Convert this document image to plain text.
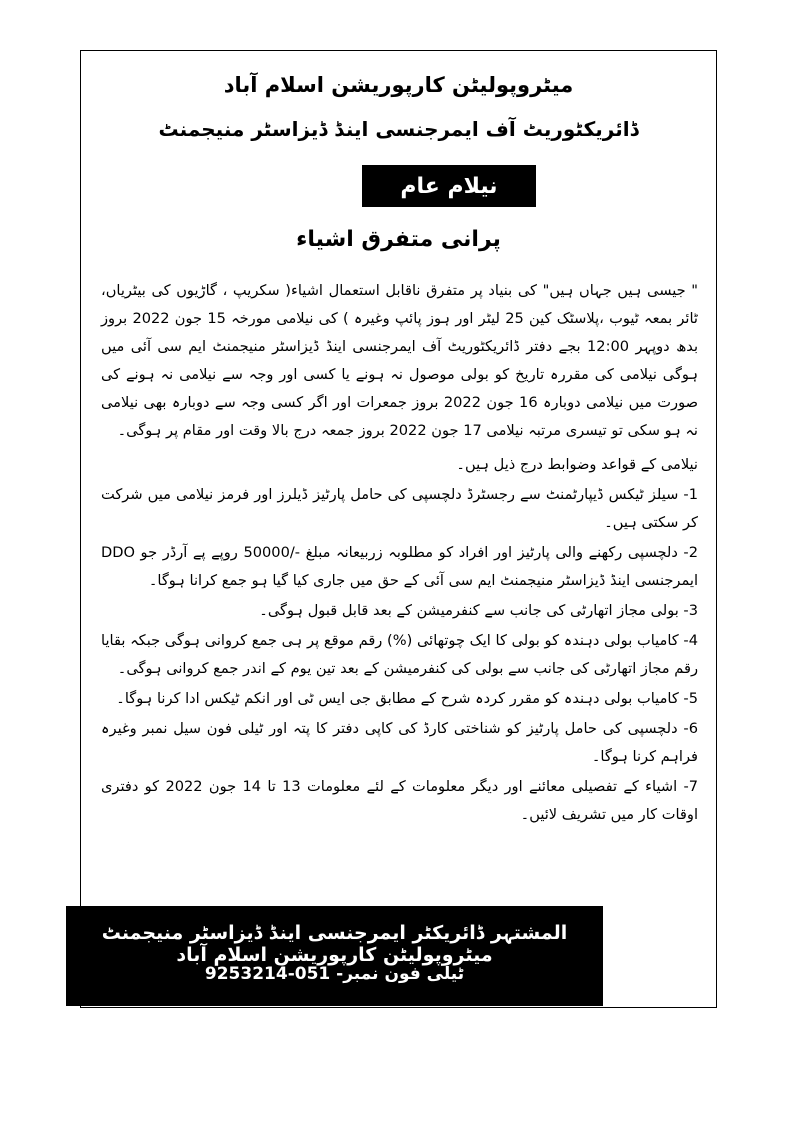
میٹروپولیٹن کارپوریشن اسلام آباد
ڈائریکٹوریٹ آف ایمرجنسی اینڈ ڈیزاسٹر منیجمنٹ
نیلام عام
پرانی متفرق اشیاء

" جیسی ہیں جہاں ہیں" کی بنیاد پر متفرق ناقابل استعمال اشیاء( سکریپ ، گاڑیوں کی بیٹریاں، ٹائر بمعہ ٹیوب ،پلاسٹک کین 25 لیٹر اور ہوز پائپ وغیرہ ) کی نیلامی مورخہ 15 جون 2022 بروز بدھ دوپہر 12:00 بجے دفتر ڈائریکٹوریٹ آف ایمرجنسی اینڈ ڈیزاسٹر منیجمنٹ ایم سی آئی میں ہوگی نیلامی کی مقررہ تاریخ کو بولی موصول نہ ہونے یا کسی اور وجہ سے نیلامی نہ ہونے کی صورت میں نیلامی دوبارہ 16 جون 2022 بروز جمعرات اور اگر کسی وجہ سے دوبارہ بھی نیلامی نہ ہو سکی تو تیسری مرتبہ نیلامی 17 جون 2022 بروز جمعہ درج بالا وقت اور مقام پر ہوگی۔

نیلامی کے قواعد وضوابط درج ذیل ہیں۔

1- سیلز ٹیکس ڈیپارٹمنٹ سے رجسٹرڈ دلچسپی کی حامل پارٹیز ڈیلرز اور فرمز نیلامی میں شرکت کر سکتی ہیں۔

2- دلچسپی رکھنے والی پارٹیز اور افراد کو مطلوبہ زربیعانہ مبلغ -/50000 روپے پے آرڈر جو DDO ایمرجنسی اینڈ ڈیزاسٹر منیجمنٹ ایم سی آئی کے حق میں جاری کیا گیا ہو جمع کرانا ہوگا۔

3- بولی مجاز اتھارٹی کی جانب سے کنفرمیشن کے بعد قابل قبول ہوگی۔

4- کامیاب بولی دہندہ کو بولی کا ایک چوتھائی (%) رقم موقع پر ہی جمع کروانی ہوگی جبکہ بقایا رقم مجاز اتھارٹی کی جانب سے بولی کی کنفرمیشن کے بعد تین یوم کے اندر جمع کروانی ہوگی۔

5- کامیاب بولی دہندہ کو مقرر کردہ شرح کے مطابق جی ایس ٹی اور انکم ٹیکس ادا کرنا ہوگا۔

6- دلچسپی کی حامل پارٹیز کو شناختی کارڈ کی کاپی دفتر کا پتہ اور ٹیلی فون سیل نمبر وغیرہ فراہم کرنا ہوگا۔

7- اشیاء کے تفصیلی معائنے اور دیگر معلومات کے لئے معلومات 13 تا 14 جون 2022 کو دفتری اوقات کار میں تشریف لائیں۔

المشتہر ڈائریکٹر ایمرجنسی اینڈ ڈیزاسٹر منیجمنٹ میٹروپولیٹن کارپوریشن اسلام آباد
ٹیلی فون نمبر- 051-9253214
